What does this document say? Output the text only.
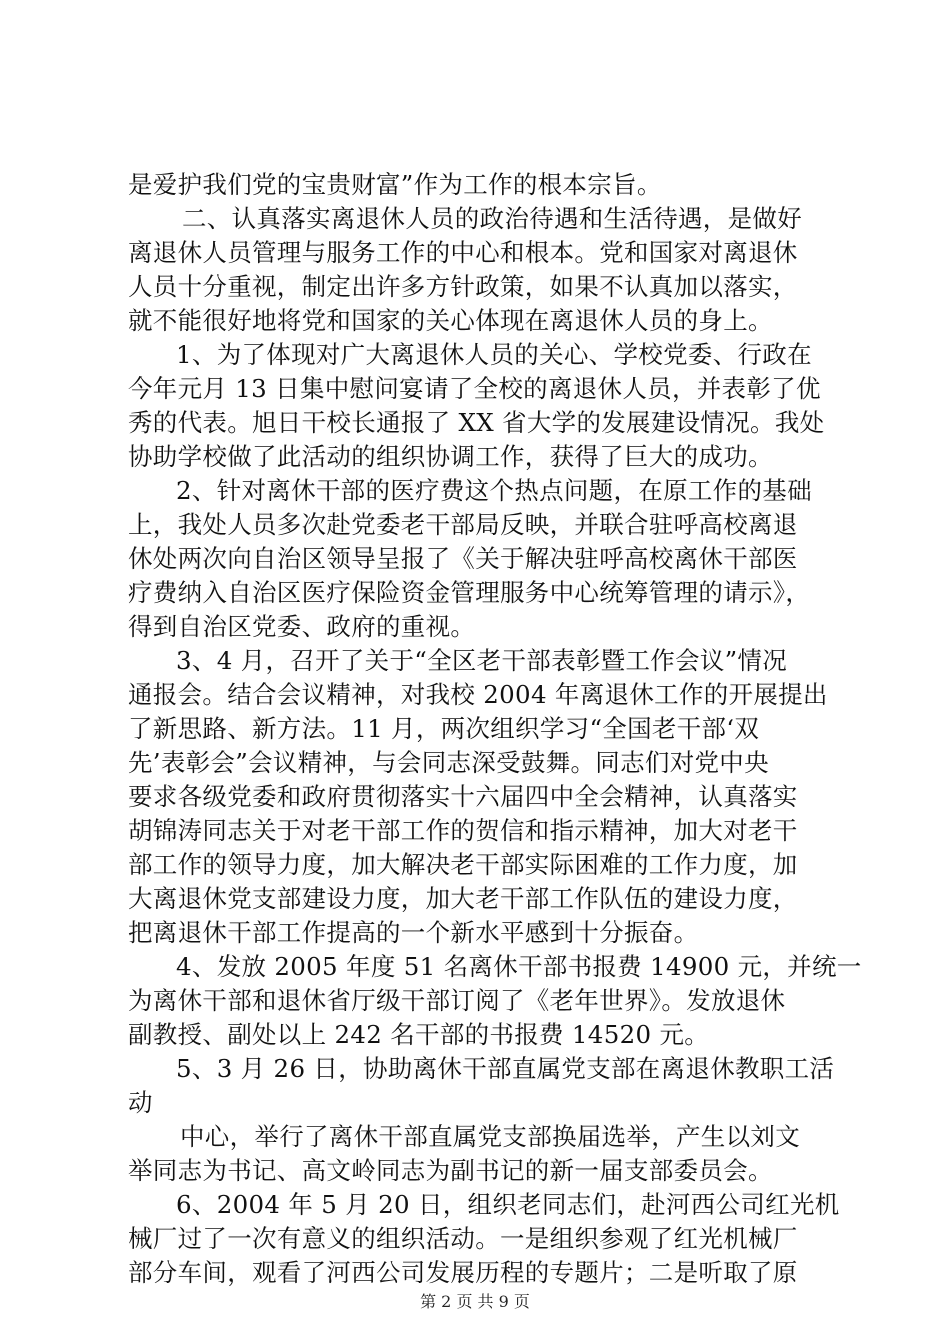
是爱护我们党的宝贵财富”作为工作的根本宗旨。
二、认真落实离退休人员的政治待遇和生活待遇，是做好
离退休人员管理与服务工作的中心和根本。党和国家对离退休
人员十分重视，制定出许多方针政策，如果不认真加以落实，
就不能很好地将党和国家的关心体现在离退休人员的身上。
1、为了体现对广大离退休人员的关心、学校党委、行政在
今年元月 13 日集中慰问宴请了全校的离退休人员，并表彰了优
秀的代表。旭日干校长通报了 XX 省大学的发展建设情况。我处
协助学校做了此活动的组织协调工作，获得了巨大的成功。
2、针对离休干部的医疗费这个热点问题，在原工作的基础
上，我处人员多次赴党委老干部局反映，并联合驻呼高校离退
休处两次向自治区领导呈报了《关于解决驻呼高校离休干部医
疗费纳入自治区医疗保险资金管理服务中心统筹管理的请示》，
得到自治区党委、政府的重视。
3、4 月，召开了关于“全区老干部表彰暨工作会议”情况
通报会。结合会议精神，对我校 2004 年离退休工作的开展提出
了新思路、新方法。11 月，两次组织学习“全国老干部‘双
先’表彰会”会议精神，与会同志深受鼓舞。同志们对党中央
要求各级党委和政府贯彻落实十六届四中全会精神，认真落实
胡锦涛同志关于对老干部工作的贺信和指示精神，加大对老干
部工作的领导力度，加大解决老干部实际困难的工作力度，加
大离退休党支部建设力度，加大老干部工作队伍的建设力度，
把离退休干部工作提高的一个新水平感到十分振奋。
4、发放 2005 年度 51 名离休干部书报费 14900 元，并统一
为离休干部和退休省厅级干部订阅了《老年世界》。发放退休
副教授、副处以上 242 名干部的书报费 14520 元。
5、3 月 26 日，协助离休干部直属党支部在离退休教职工活
动
中心，举行了离休干部直属党支部换届选举，产生以刘文
举同志为书记、高文岭同志为副书记的新一届支部委员会。
6、2004 年 5 月 20 日，组织老同志们，赴河西公司红光机
械厂过了一次有意义的组织活动。一是组织参观了红光机械厂
部分车间，观看了河西公司发展历程的专题片；二是听取了原
第 2 页 共 9 页
